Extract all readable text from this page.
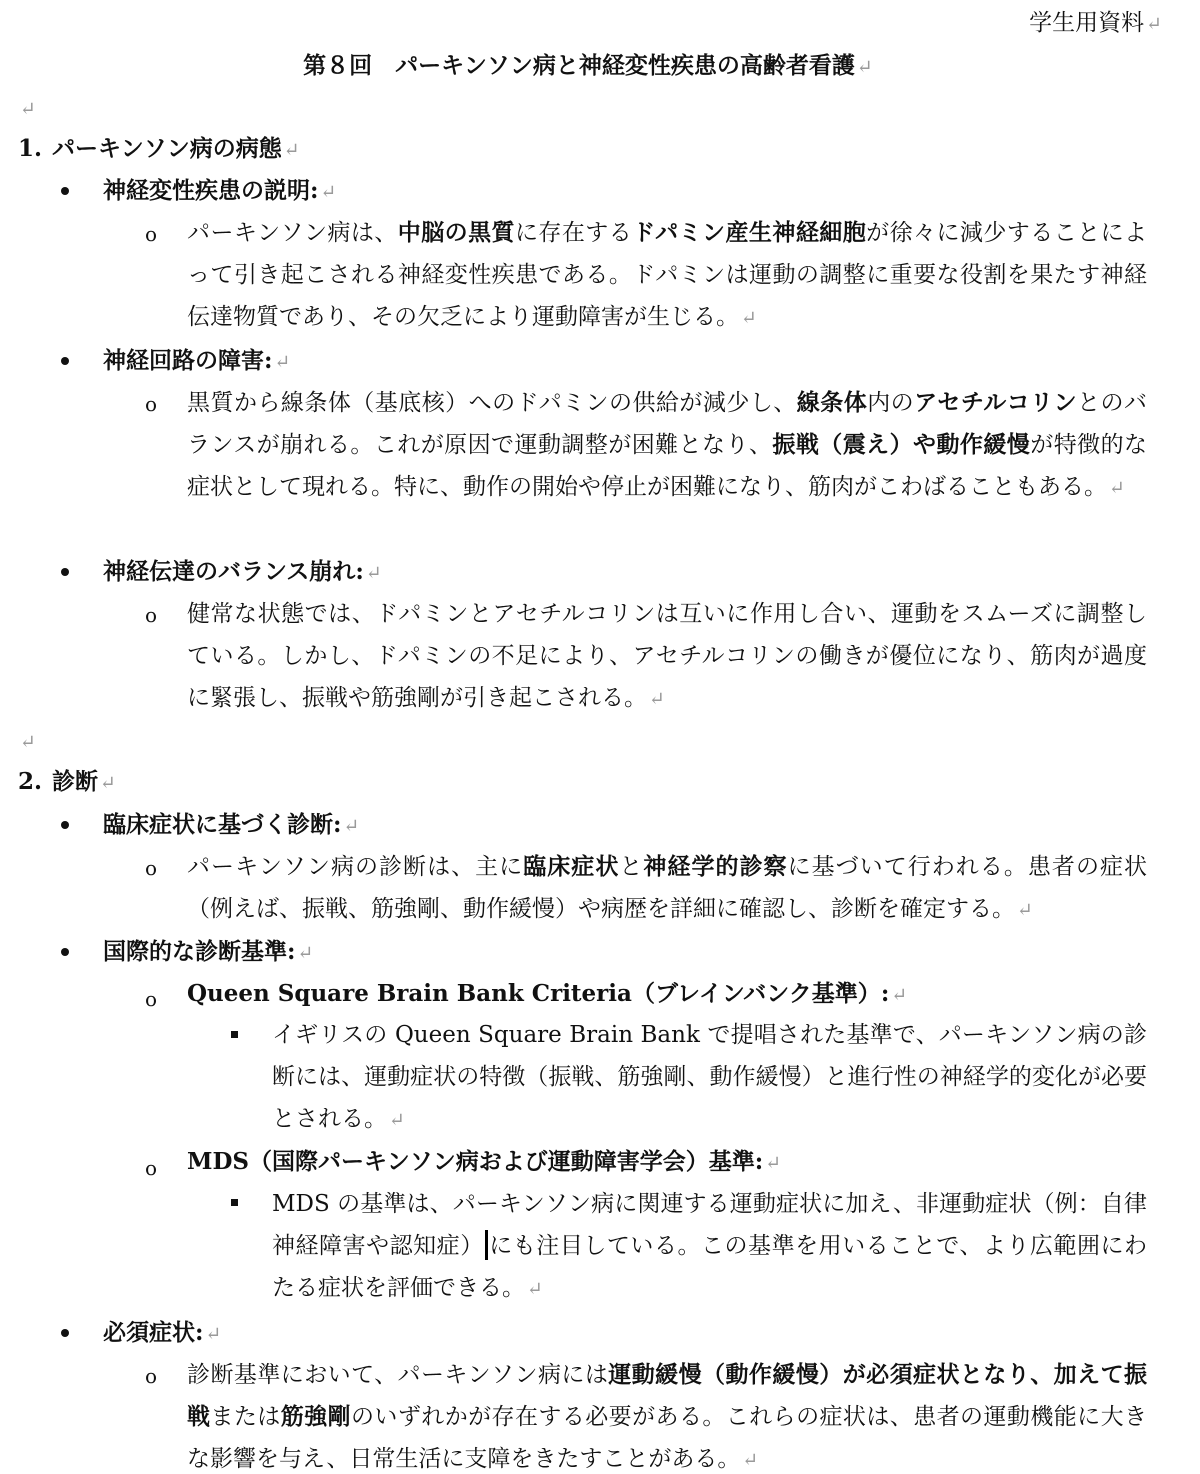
学生用資料 ↵
第８回　パーキンソン病と神経変性疾患の高齢者看護 ↵
↵
1. パーキンソン病の病態 ↵
神経変性疾患の説明: ↵
o パーキンソン病は、中脳の黒質に存在するドパミン産生神経細胞が徐々に減少することによって引き起こされる神経変性疾患である。ドパミンは運動の調整に重要な役割を果たす神経伝達物質であり、その欠乏により運動障害が生じる。 ↵
神経回路の障害: ↵
o 黒質から線条体（基底核）へのドパミンの供給が減少し、線条体内のアセチルコリンとのバランスが崩れる。これが原因で運動調整が困難となり、振戦（震え）や動作緩慢が特徴的な症状として現れる。特に、動作の開始や停止が困難になり、筋肉がこわばることもある。 ↵
神経伝達のバランス崩れ: ↵
o 健常な状態では、ドパミンとアセチルコリンは互いに作用し合い、運動をスムーズに調整している。しかし、ドパミンの不足により、アセチルコリンの働きが優位になり、筋肉が過度に緊張し、振戦や筋強剛が引き起こされる。 ↵
↵
2. 診断 ↵
臨床症状に基づく診断: ↵
o パーキンソン病の診断は、主に臨床症状と神経学的診察に基づいて行われる。患者の症状（例えば、振戦、筋強剛、動作緩慢）や病歴を詳細に確認し、診断を確定する。 ↵
国際的な診断基準: ↵
o Queen Square Brain Bank Criteria（ブレインバンク基準）: ↵
イギリスの Queen Square Brain Bank で提唱された基準で、パーキンソン病の診断には、運動症状の特徴（振戦、筋強剛、動作緩慢）と進行性の神経学的変化が必要とされる。 ↵
o MDS（国際パーキンソン病および運動障害学会）基準: ↵
MDS の基準は、パーキンソン病に関連する運動症状に加え、非運動症状（例：自律神経障害や認知症） にも注目している。この基準を用いることで、より広範囲にわたる症状を評価できる。 ↵
必須症状: ↵
o 診断基準において、パーキンソン病には運動緩慢（動作緩慢）が必須症状となり、加えて振戦または筋強剛のいずれかが存在する必要がある。これらの症状は、患者の運動機能に大きな影響を与え、日常生活に支障をきたすことがある。 ↵
